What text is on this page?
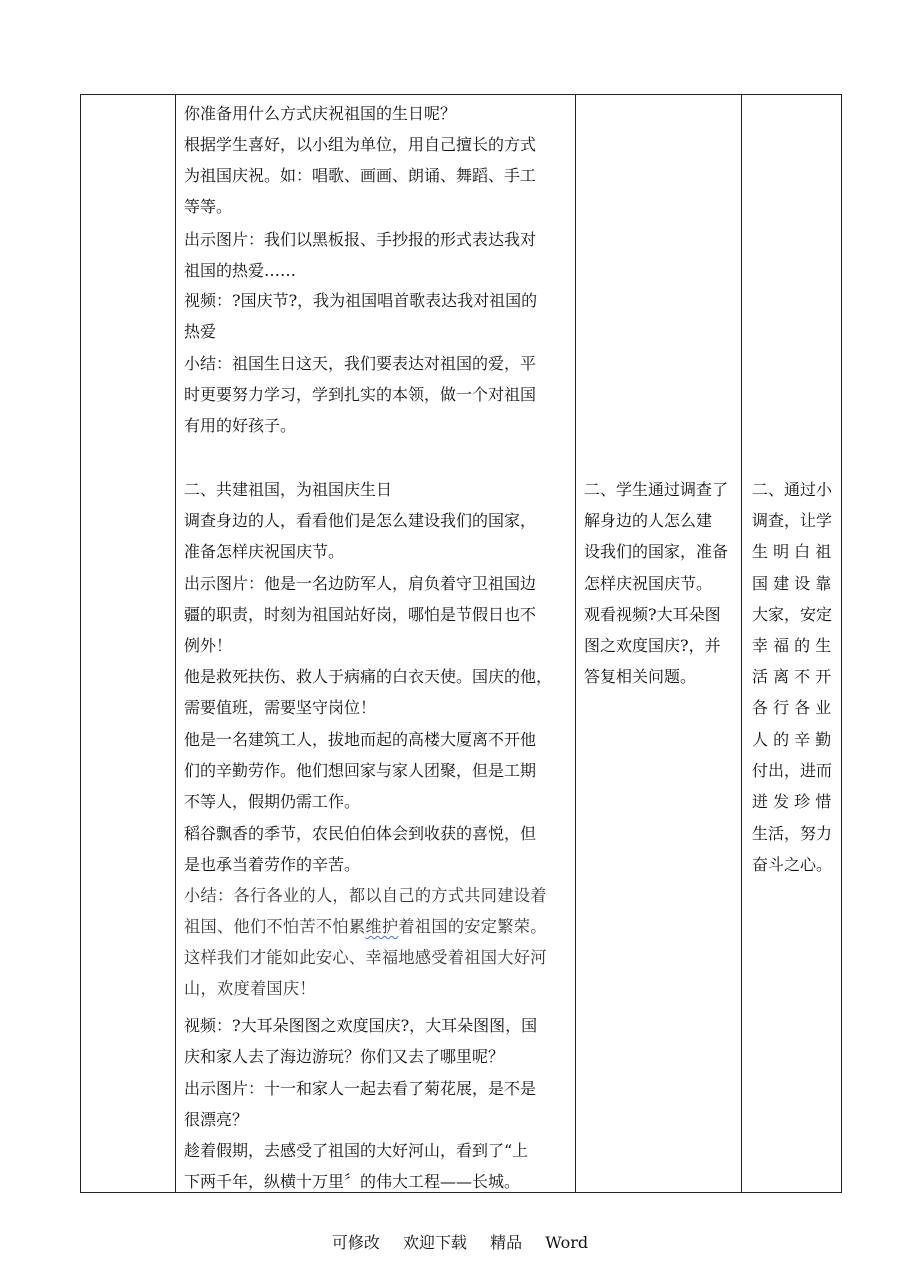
你准备用什么方式庆祝祖国的生日呢？
根据学生喜好，以小组为单位，用自己擅长的方式
为祖国庆祝。如：唱歌、画画、朗诵、舞蹈、手工
等等。
出示图片：我们以黑板报、手抄报的形式表达我对
祖国的热爱……
视频：?国庆节?，我为祖国唱首歌表达我对祖国的
热爱
小结：祖国生日这天，我们要表达对祖国的爱，平
时更要努力学习，学到扎实的本领，做一个对祖国
有用的好孩子。
二、共建祖国，为祖国庆生日
调查身边的人，看看他们是怎么建设我们的国家，
准备怎样庆祝国庆节。
出示图片：他是一名边防军人，肩负着守卫祖国边
疆的职责，时刻为祖国站好岗，哪怕是节假日也不
例外！
他是救死扶伤、救人于病痛的白衣天使。国庆的他，
需要值班，需要坚守岗位！
他是一名建筑工人，拔地而起的高楼大厦离不开他
们的辛勤劳作。他们想回家与家人团聚，但是工期
不等人，假期仍需工作。
稻谷飘香的季节，农民伯伯体会到收获的喜悦，但
是也承当着劳作的辛苦。
小结：各行各业的人，都以自己的方式共同建设着
祖国、他们不怕苦不怕累维护着祖国的安定繁荣。
这样我们才能如此安心、幸福地感受着祖国大好河
山，欢度着国庆！
视频：?大耳朵图图之欢度国庆?，大耳朵图图，国
庆和家人去了海边游玩？你们又去了哪里呢？
出示图片：十一和家人一起去看了菊花展，是不是
很漂亮？
趁着假期，去感受了祖国的大好河山，看到了“上
下两千年，纵横十万里〞的伟大工程——长城。
二、学生通过调查了
解身边的人怎么建
设我们的国家，准备
怎样庆祝国庆节。
观看视频?大耳朵图
图之欢度国庆?，并
答复相关问题。
二、通过小
调查，让学
生 明 白 祖
国 建 设 靠
大家，安定
幸 福 的 生
活 离 不 开
各 行 各 业
人 的 辛 勤
付出，进而
迸 发 珍 惜
生活，努力
奋斗之心。
可修改 欢迎下载 精品 Word
